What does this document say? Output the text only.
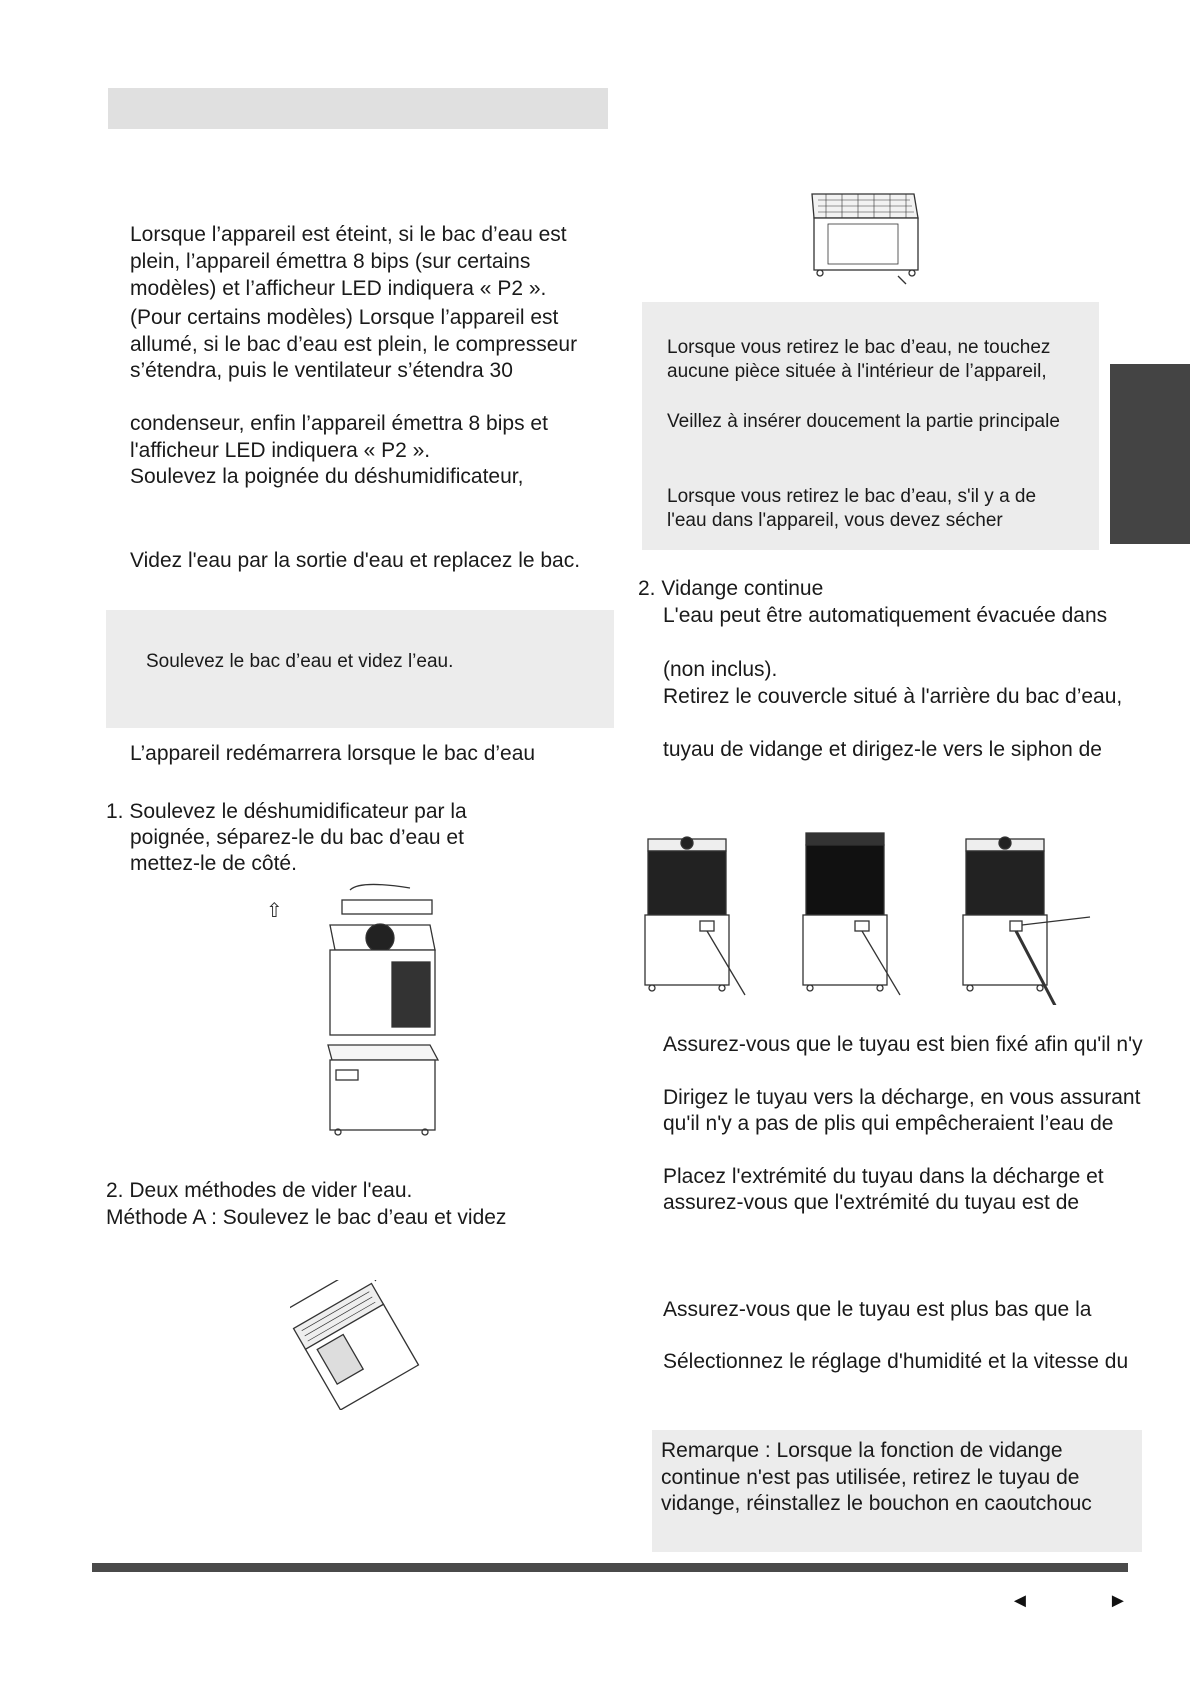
Lorsque l’appareil est éteint, si le bac d’eau est
plein, l’appareil émettra 8 bips (sur certains
modèles) et l’afficheur LED indiquera « P2 ».
(Pour certains modèles) Lorsque l’appareil est
allumé, si le bac d’eau est plein, le compresseur
s’étendra, puis le ventilateur s’étendra 30
condenseur, enfin l’appareil émettra 8 bips et
l'afficheur LED indiquera « P2 ».
Soulevez la poignée du déshumidificateur,
Videz l'eau par la sortie d'eau et replacez le bac.
Soulevez le bac d’eau et videz l’eau.
L’appareil redémarrera lorsque le bac d’eau
1. Soulevez le déshumidificateur par la
poignée, séparez-le du bac d’eau et
mettez-le de côté.
⇧
2. Deux méthodes de vider l'eau.
Méthode A : Soulevez le bac d’eau et videz
Lorsque vous retirez le bac d’eau, ne touchez
aucune pièce située à l'intérieur de l’appareil,
Veillez à insérer doucement la partie principale
Lorsque vous retirez le bac d’eau, s'il y a de
l'eau dans l'appareil, vous devez sécher
2. Vidange continue
L'eau peut être automatiquement évacuée dans
(non inclus).
Retirez le couvercle situé à l'arrière du bac d’eau,
tuyau de vidange et dirigez-le vers le siphon de
Assurez-vous que le tuyau est bien fixé afin qu'il n'y
Dirigez le tuyau vers la décharge, en vous assurant
qu'il n'y a pas de plis qui empêcheraient l’eau de
Placez l'extrémité du tuyau dans la décharge et
assurez-vous que l'extrémité du tuyau est de
Assurez-vous que le tuyau est plus bas que la
Sélectionnez le réglage d'humidité et la vitesse du
Remarque : Lorsque la fonction de vidange
continue n'est pas utilisée, retirez le tuyau de
vidange, réinstallez le bouchon en caoutchouc
◄	►
